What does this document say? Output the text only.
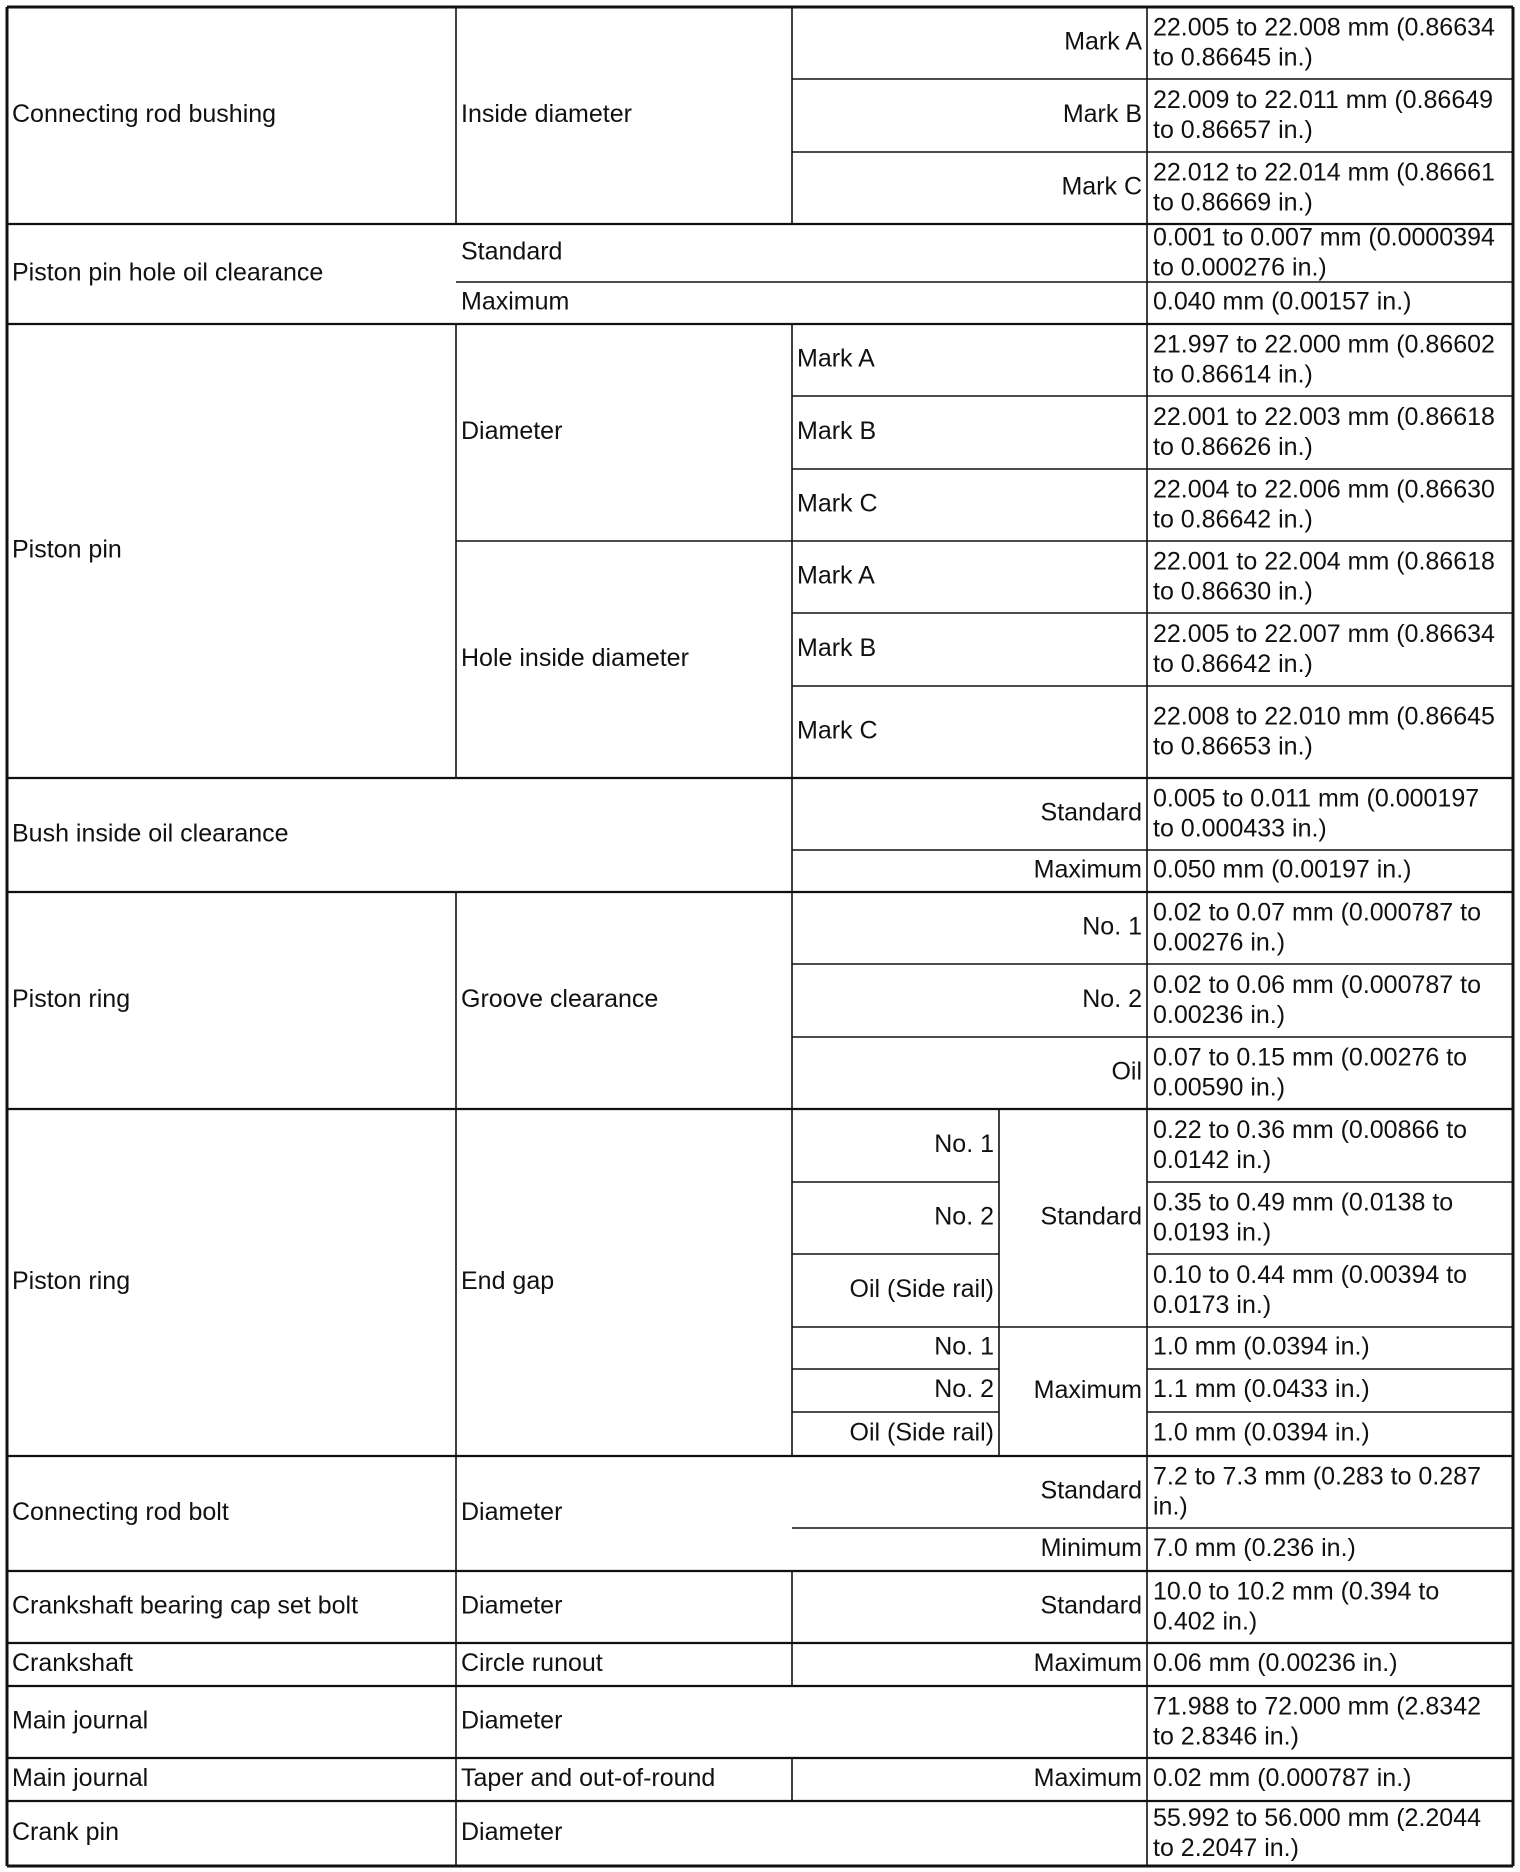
Connecting rod bushing
Piston pin hole oil clearance
Piston pin
Bush inside oil clearance
Piston ring
Piston ring
Connecting rod bolt
Crankshaft bearing cap set bolt
Crankshaft
Main journal
Main journal
Crank pin
Inside diameter
Diameter
Hole inside diameter
Groove clearance
End gap
Diameter
Diameter
Circle runout
Diameter
Taper and out-of-round
Diameter
Standard
Maximum
Mark A
Mark B
Mark C
Standard
Maximum
No. 1
No. 2
Oil
Standard
Minimum
Standard
Maximum
Maximum
Mark A
Mark B
Mark C
Mark A
Mark B
Mark C
No. 1
No. 2
Oil (Side rail)
No. 1
No. 2
Oil (Side rail)
Standard
Maximum
22.005 to 22.008 mm (0.86634
to 0.86645 in.)
22.009 to 22.011 mm (0.86649
to 0.86657 in.)
22.012 to 22.014 mm (0.86661
to 0.86669 in.)
0.001 to 0.007 mm (0.0000394
to 0.000276 in.)
0.040 mm (0.00157 in.)
21.997 to 22.000 mm (0.86602
to 0.86614 in.)
22.001 to 22.003 mm (0.86618
to 0.86626 in.)
22.004 to 22.006 mm (0.86630
to 0.86642 in.)
22.001 to 22.004 mm (0.86618
to 0.86630 in.)
22.005 to 22.007 mm (0.86634
to 0.86642 in.)
22.008 to 22.010 mm (0.86645
to 0.86653 in.)
0.005 to 0.011 mm (0.000197
to 0.000433 in.)
0.050 mm (0.00197 in.)
0.02 to 0.07 mm (0.000787 to
0.00276 in.)
0.02 to 0.06 mm (0.000787 to
0.00236 in.)
0.07 to 0.15 mm (0.00276 to
0.00590 in.)
0.22 to 0.36 mm (0.00866 to
0.0142 in.)
0.35 to 0.49 mm (0.0138 to
0.0193 in.)
0.10 to 0.44 mm (0.00394 to
0.0173 in.)
1.0 mm (0.0394 in.)
1.1 mm (0.0433 in.)
1.0 mm (0.0394 in.)
7.2 to 7.3 mm (0.283 to 0.287
in.)
7.0 mm (0.236 in.)
10.0 to 10.2 mm (0.394 to
0.402 in.)
0.06 mm (0.00236 in.)
71.988 to 72.000 mm (2.8342
to 2.8346 in.)
0.02 mm (0.000787 in.)
55.992 to 56.000 mm (2.2044
to 2.2047 in.)
